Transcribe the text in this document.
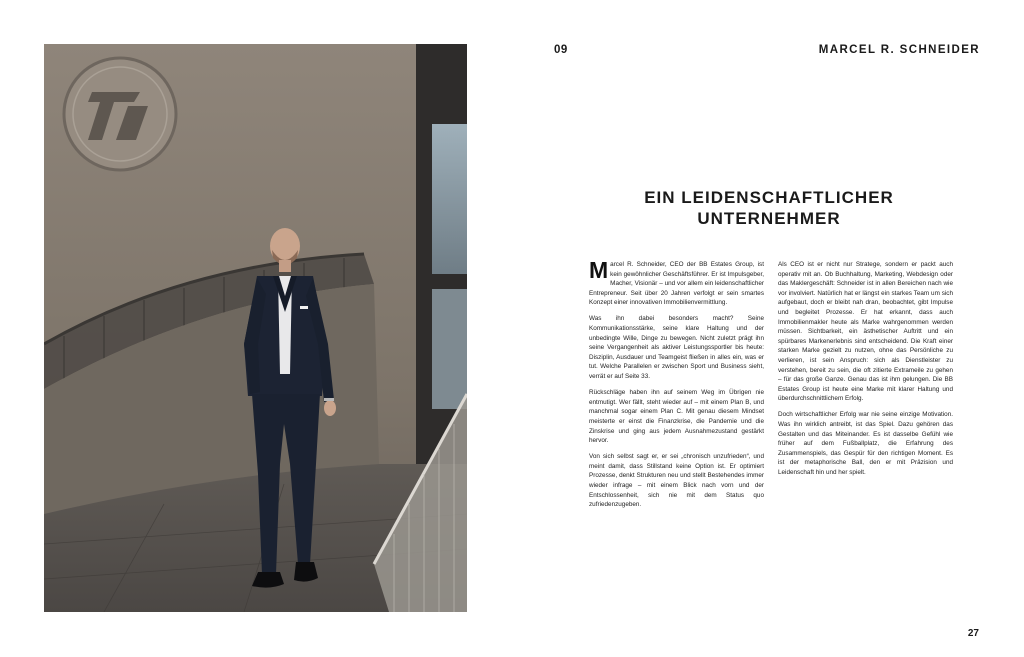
09	MARCEL R. SCHNEIDER
EIN LEIDENSCHAFTLICHER
UNTERNEHMER

Marcel R. Schneider, CEO der BB Estates Group, ist kein gewöhnlicher Geschäftsführer. Er ist Impulsgeber, Macher, Visionär – und vor allem ein leidenschaftlicher Entrepreneur. Seit über 20 Jahren verfolgt er sein smartes Konzept einer innovativen Immobilienvermittlung.

Was ihn dabei besonders macht? Seine Kommunikationsstärke, seine klare Haltung und der unbedingte Wille, Dinge zu bewegen. Nicht zuletzt prägt ihn seine Vergangenheit als aktiver Leistungssportler bis heute: Disziplin, Ausdauer und Teamgeist fließen in alles ein, was er tut. Welche Parallelen er zwischen Sport und Business sieht, verrät er auf Seite 33.

Rückschläge haben ihn auf seinem Weg im Übrigen nie entmutigt. Wer fällt, steht wieder auf – mit einem Plan B, und manchmal sogar einem Plan C. Mit genau diesem Mindset meisterte er einst die Finanzkrise, die Pandemie und die Zinskrise und ging aus jedem Ausnahmezustand gestärkt hervor.

Von sich selbst sagt er, er sei „chronisch unzufrieden“, und meint damit, dass Stillstand keine Option ist. Er optimiert Prozesse, denkt Strukturen neu und stellt Bestehendes immer wieder infrage – mit einem Blick nach vorn und der Entschlossenheit, sich nie mit dem Status quo zufriedenzugeben.

Als CEO ist er nicht nur Stratege, sondern er packt auch operativ mit an. Ob Buchhaltung, Marketing, Webdesign oder das Maklergeschäft: Schneider ist in allen Bereichen nach wie vor involviert. Natürlich hat er längst ein starkes Team um sich aufgebaut, doch er bleibt nah dran, beobachtet, gibt Impulse und begleitet Prozesse. Er hat erkannt, dass auch Immobilienmakler heute als Marke wahrgenommen werden müssen. Sichtbarkeit, ein ästhetischer Auftritt und ein spürbares Markenerlebnis sind entscheidend. Die Kraft einer starken Marke gezielt zu nutzen, ohne das Persönliche zu verlieren, ist sein Anspruch: sich als Dienstleister zu verstehen, bereit zu sein, die oft zitierte Extrameile zu gehen – für das große Ganze. Genau das ist ihm gelungen. Die BB Estates Group ist heute eine Marke mit klarer Haltung und überdurchschnittlichem Erfolg.

Doch wirtschaftlicher Erfolg war nie seine einzige Motivation. Was ihn wirklich antreibt, ist das Spiel. Dazu gehören das Gestalten und das Miteinander. Es ist dasselbe Gefühl wie früher auf dem Fußballplatz, die Erfahrung des Zusammenspiels, das Gespür für den richtigen Moment. Es ist der metaphorische Ball, den er mit Präzision und Leidenschaft hin und her spielt.

27
